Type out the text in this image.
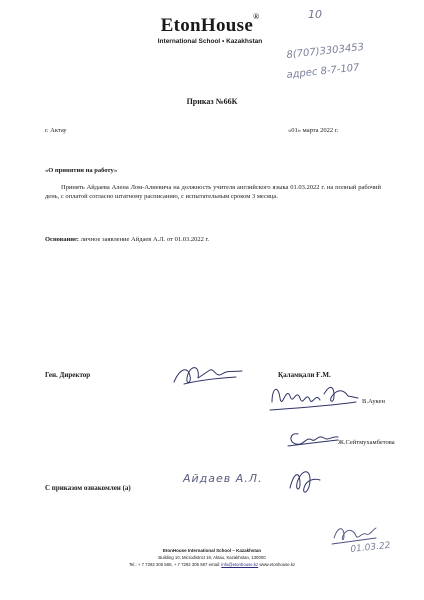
EtonHouse®
International School • Kazakhstan
10
8(707)3303453
адрес 8-7-107
Приказ №66К
г. Актау	«01» марта 2022 г.
«О принятии на работу»
Принять Айдаева Алена Лом-Алиевича на должность учителя английского языка 01.03.2022 г. на полный рабочий день, с оплатой согласно штатному расписанию, с испытательным сроком 3 месяца.
Основание: личное заявление Айдаев А.Л. от 01.03.2022 г.
Ген. Директор	Қаламқали Ғ.М.
В.Аукен
Ж.Сейтмухамбетова
С приказом ознакомлен (а)
Айдаев А.Л.
01.03.22
EtonHouse International School – Kazakhstan
Building 10, Microdistrict 19, Aktau, Kazakhstan, 130000
Tel.: + 7 7292 305 585, + 7 7292 305 587 email: info@etonhouse.kz www.etonhouse.kz
